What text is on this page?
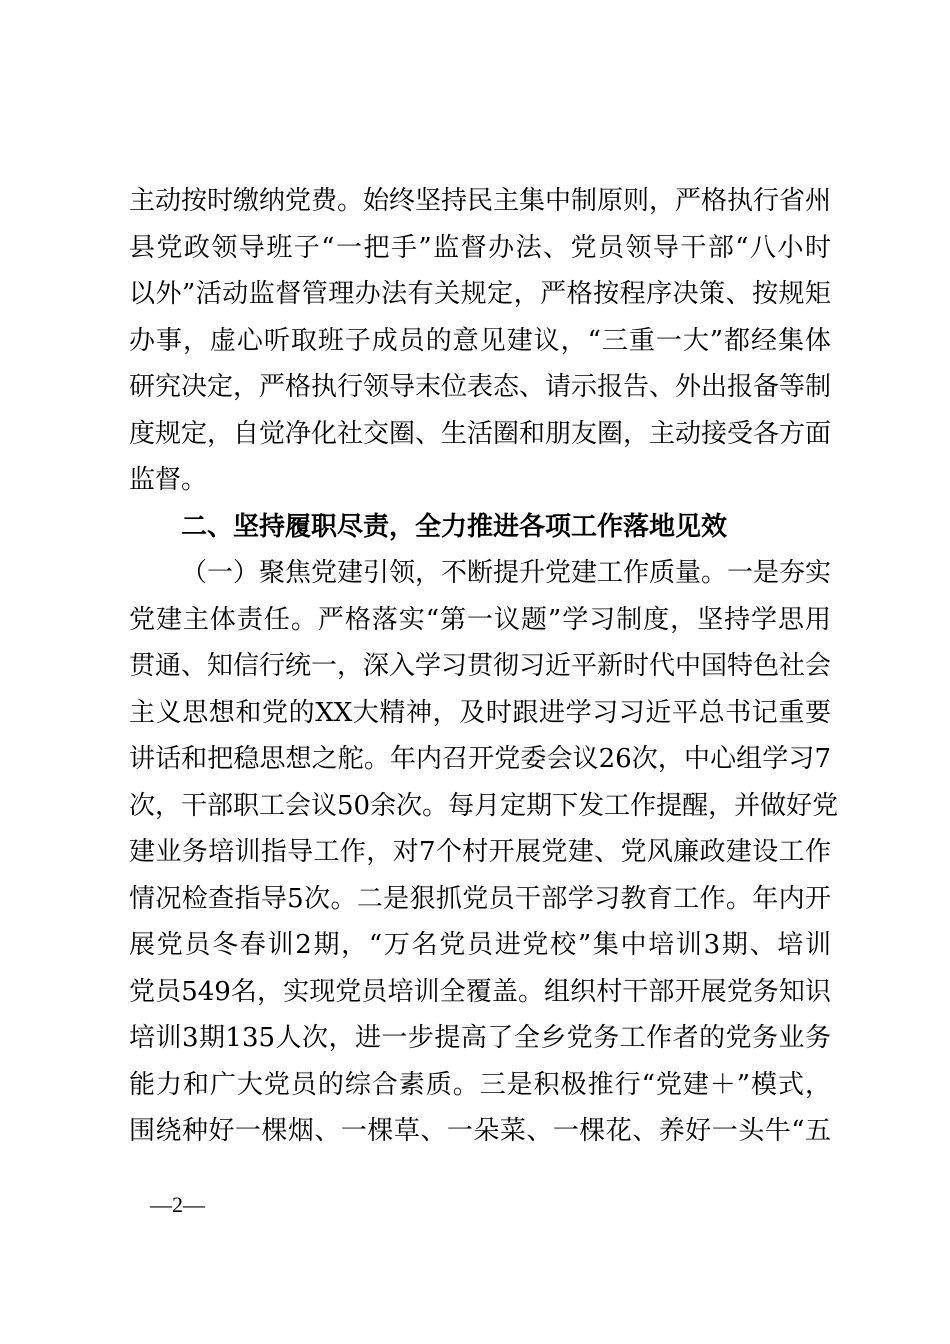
主动按时缴纳党费。始终坚持民主集中制原则，严格执行省州
县党政领导班子“一把手”监督办法、党员领导干部“八小时
以外”活动监督管理办法有关规定，严格按程序决策、按规矩
办事，虚心听取班子成员的意见建议，“三重一大”都经集体
研究决定，严格执行领导末位表态、请示报告、外出报备等制
度规定，自觉净化社交圈、生活圈和朋友圈，主动接受各方面
监督。
二、坚持履职尽责，全力推进各项工作落地见效
（一）聚焦党建引领，不断提升党建工作质量。一是夯实
党建主体责任。严格落实“第一议题”学习制度，坚持学思用
贯通、知信行统一，深入学习贯彻习近平新时代中国特色社会
主义思想和党的XX大精神，及时跟进学习习近平总书记重要
讲话和把稳思想之舵。年内召开党委会议26次，中心组学习7
次，干部职工会议50余次。每月定期下发工作提醒，并做好党
建业务培训指导工作，对7个村开展党建、党风廉政建设工作
情况检查指导5次。二是狠抓党员干部学习教育工作。年内开
展党员冬春训2期，“万名党员进党校”集中培训3期、培训
党员549名，实现党员培训全覆盖。组织村干部开展党务知识
培训3期135人次，进一步提高了全乡党务工作者的党务业务
能力和广大党员的综合素质。三是积极推行“党建＋”模式，
围绕种好一棵烟、一棵草、一朵菜、一棵花、养好一头牛“五
—2—
